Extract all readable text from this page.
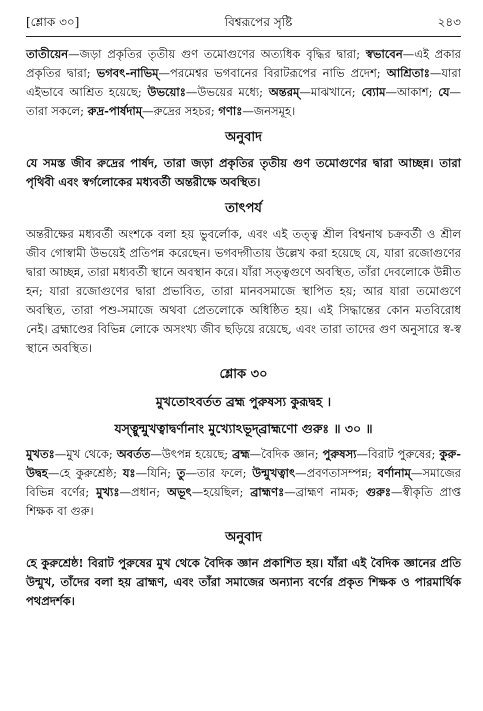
[শ্লোক ৩০]	বিশ্বরূপের সৃষ্টি	২৪৩

তাতীয়েন—জড়া প্রকৃতির তৃতীয় গুণ তমোগুণের অত্যধিক বৃদ্ধির দ্বারা; স্বভাবেন—এই প্রকার প্রকৃতির দ্বারা; ভগবৎ-নাভিম্—পরমেশ্বর ভগবানের বিরাটরূপের নাভি প্রদেশ; আশ্রিতাঃ—যারা এইভাবে আশ্রিত হয়েছে; উভয়োঃ—উভয়ের মধ্যে; অন্তরম্—মাঝখানে; ব্যোম—আকাশ; যে—তারা সকলে; রুদ্র-পার্ষদাম্—রুদ্রের সহচর; গণাঃ—জনসমূহ।

অনুবাদ

যে সমস্ত জীব রুদ্রের পার্ষদ, তারা জড়া প্রকৃতির তৃতীয় গুণ তমোগুণের দ্বারা আচ্ছন্ন। তারা পৃথিবী এবং স্বর্গলোকের মধ্যবর্তী অন্তরীক্ষে অবস্থিত।

তাৎপর্য

অন্তরীক্ষের মধ্যবর্তী অংশকে বলা হয় ভুবর্লোক, এবং এই তত্ত্ব শ্রীল বিশ্বনাথ চক্রবর্তী ও শ্রীল জীব গোস্বামী উভয়েই প্রতিপন্ন করেছেন। ভগবদ্গীতায় উল্লেখ করা হয়েছে যে, যারা রজোগুণের দ্বারা আচ্ছন্ন, তারা মধ্যবর্তী স্থানে অবস্থান করে। যাঁরা সত্ত্বগুণে অবস্থিত, তাঁরা দেবলোকে উন্নীত হন; যারা রজোগুণের দ্বারা প্রভাবিত, তারা মানবসমাজে স্থাপিত হয়; আর যারা তমোগুণে অবস্থিত, তারা পশু-সমাজে অথবা প্রেতলোকে অধিষ্ঠিত হয়। এই সিদ্ধান্তের কোন মতবিরোধ নেই। ব্রহ্মাণ্ডের বিভিন্ন লোকে অসংখ্য জীব ছড়িয়ে রয়েছে, এবং তারা তাদের গুণ অনুসারে স্ব-স্ব স্থানে অবস্থিত।

শ্লোক ৩০
মুখতোঽবর্তত ব্রহ্ম পুরুষস্য কুরূদ্বহ ।
যস্ত্বুন্মুখত্বাদ্বর্ণানাং মুখ্যোঽভূদ্‌ব্রাহ্মণো গুরুঃ ॥ ৩০ ॥

মুখতঃ—মুখ থেকে; অবর্তত—উৎপন্ন হয়েছে; ব্রহ্ম—বৈদিক জ্ঞান; পুরুষস্য—বিরাট পুরুষের; কুরু-উদ্বহ—হে কুরুশ্রেষ্ঠ; যঃ—যিনি; তু—তার ফলে; উন্মুখত্বাৎ—প্রবণতাসম্পন্ন; বর্ণানাম্—সমাজের বিভিন্ন বর্ণের; মুখ্যঃ—প্রধান; অভূৎ—হয়েছিল; ব্রাহ্মণঃ—ব্রাহ্মণ নামক; গুরুঃ—স্বীকৃতি প্রাপ্ত শিক্ষক বা গুরু।

অনুবাদ

হে কুরুশ্রেষ্ঠ! বিরাট পুরুষের মুখ থেকে বৈদিক জ্ঞান প্রকাশিত হয়। যাঁরা এই বৈদিক জ্ঞানের প্রতি উন্মুখ, তাঁদের বলা হয় ব্রাহ্মণ, এবং তাঁরা সমাজের অন্যান্য বর্ণের প্রকৃত শিক্ষক ও পারমার্থিক পথপ্রদর্শক।
